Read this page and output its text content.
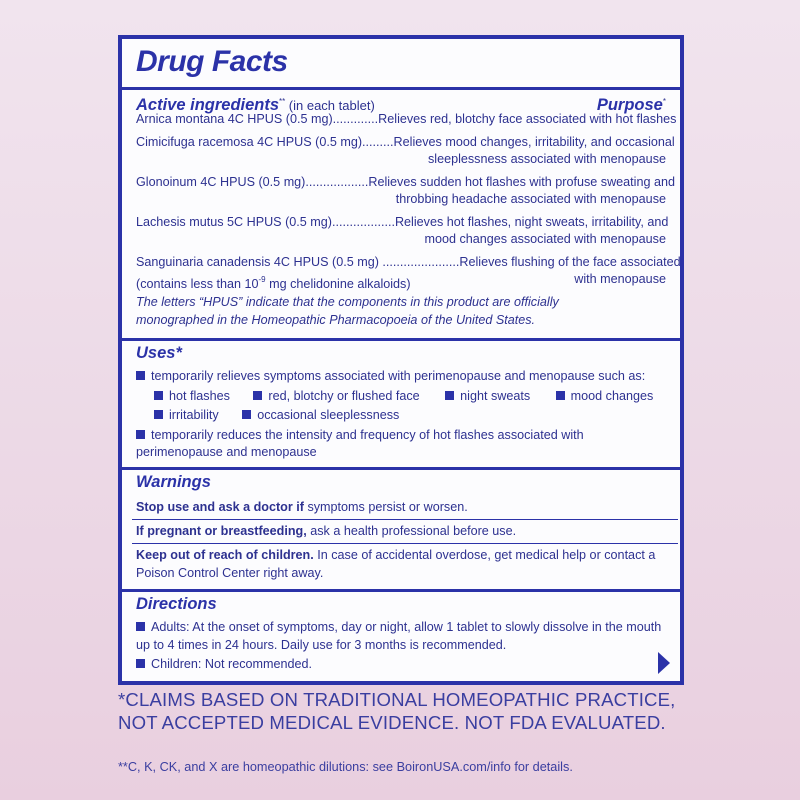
Drug Facts
Active ingredients** (in each tablet)	Purpose*
Arnica montana 4C HPUS (0.5 mg)............. Relieves red, blotchy face associated with hot flashes
Cimicifuga racemosa 4C HPUS (0.5 mg)......... Relieves mood changes, irritability, and occasional
sleeplessness associated with menopause
Glonoinum 4C HPUS (0.5 mg).................. Relieves sudden hot flashes with profuse sweating and
throbbing headache associated with menopause
Lachesis mutus 5C HPUS (0.5 mg).................. Relieves hot flashes, night sweats, irritability, and
mood changes associated with menopause
Sanguinaria canadensis 4C HPUS (0.5 mg) ...................... Relieves flushing of the face associated
(contains less than $10^{-9}$ mg chelidonine alkaloids)	with menopause
The letters “HPUS” indicate that the components in this product are officially
monographed in the Homeopathic Pharmacopoeia of the United States.
Uses*
temporarily relieves symptoms associated with perimenopause and menopause such as:
hot flashes	red, blotchy or flushed face	night sweats	mood changes
irritability	occasional sleeplessness
temporarily reduces the intensity and frequency of hot flashes associated with
perimenopause and menopause
Warnings
Stop use and ask a doctor if symptoms persist or worsen.
If pregnant or breastfeeding, ask a health professional before use.
Keep out of reach of children. In case of accidental overdose, get medical help or contact a
Poison Control Center right away.
Directions
Adults: At the onset of symptoms, day or night, allow 1 tablet to slowly dissolve in the mouth
up to 4 times in 24 hours. Daily use for 3 months is recommended.
Children: Not recommended.
*CLAIMS BASED ON TRADITIONAL HOMEOPATHIC PRACTICE,
NOT ACCEPTED MEDICAL EVIDENCE. NOT FDA EVALUATED.
**C, K, CK, and X are homeopathic dilutions: see BoironUSA.com/info for details.
